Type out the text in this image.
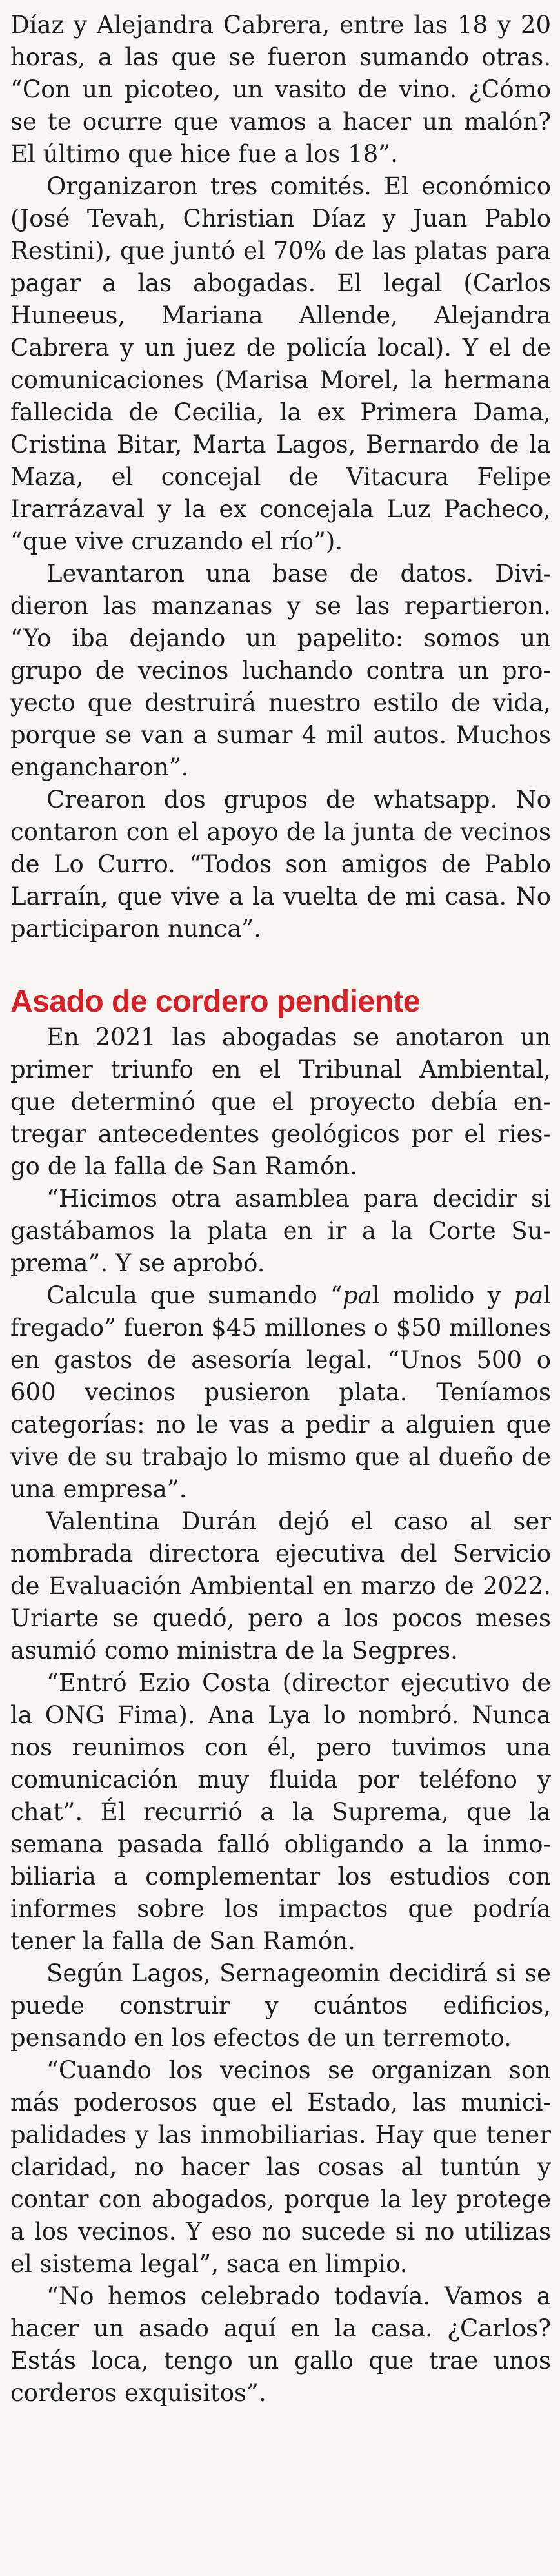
Díaz y Alejandra Cabrera, entre las 18 y 20 horas, a las que se fueron sumando otras. “Con un picoteo, un vasito de vino. ¿Cómo se te ocurre que vamos a hacer un malón? El último que hice fue a los 18”.

Organizaron tres comités. El económico (José Tevah, Christian Díaz y Juan Pablo Restini), que juntó el 70% de las platas para pagar a las abogadas. El legal (Carlos Huneeus, Mariana Allende, Alejandra Cabrera y un juez de policía local). Y el de comunicaciones (Marisa Morel, la hermana fallecida de Cecilia, la ex Primera Dama, Cristina Bitar, Marta Lagos, Bernardo de la Maza, el concejal de Vitacura Felipe Irarrázaval y la ex concejala Luz Pacheco, “que vive cruzando el río”).

Levantaron una base de datos. Dividieron las manzanas y se las repartieron. “Yo iba dejando un papelito: somos un grupo de vecinos luchando contra un proyecto que destruirá nuestro estilo de vida, porque se van a sumar 4 mil autos. Muchos engancharon”.

Crearon dos grupos de whatsapp. No contaron con el apoyo de la junta de vecinos de Lo Curro. “Todos son amigos de Pablo Larraín, que vive a la vuelta de mi casa. No participaron nunca”.

Asado de cordero pendiente

En 2021 las abogadas se anotaron un primer triunfo en el Tribunal Ambiental, que determinó que el proyecto debía entregar antecedentes geológicos por el riesgo de la falla de San Ramón.

“Hicimos otra asamblea para decidir si gastábamos la plata en ir a la Corte Suprema”. Y se aprobó.

Calcula que sumando “pal molido y pal fregado” fueron $45 millones o $50 millones en gastos de asesoría legal. “Unos 500 o 600 vecinos pusieron plata. Teníamos categorías: no le vas a pedir a alguien que vive de su trabajo lo mismo que al dueño de una empresa”.

Valentina Durán dejó el caso al ser nombrada directora ejecutiva del Servicio de Evaluación Ambiental en marzo de 2022. Uriarte se quedó, pero a los pocos meses asumió como ministra de la Segpres.

“Entró Ezio Costa (director ejecutivo de la ONG Fima). Ana Lya lo nombró. Nunca nos reunimos con él, pero tuvimos una comunicación muy fluida por teléfono y chat”. Él recurrió a la Suprema, que la semana pasada falló obligando a la inmobiliaria a complementar los estudios con informes sobre los impactos que podría tener la falla de San Ramón.

Según Lagos, Sernageomin decidirá si se puede construir y cuántos edificios, pensando en los efectos de un terremoto.

“Cuando los vecinos se organizan son más poderosos que el Estado, las municipalidades y las inmobiliarias. Hay que tener claridad, no hacer las cosas al tuntún y contar con abogados, porque la ley protege a los vecinos. Y eso no sucede si no utilizas el sistema legal”, saca en limpio.

“No hemos celebrado todavía. Vamos a hacer un asado aquí en la casa. ¿Carlos? Estás loca, tengo un gallo que trae unos corderos exquisitos”.
